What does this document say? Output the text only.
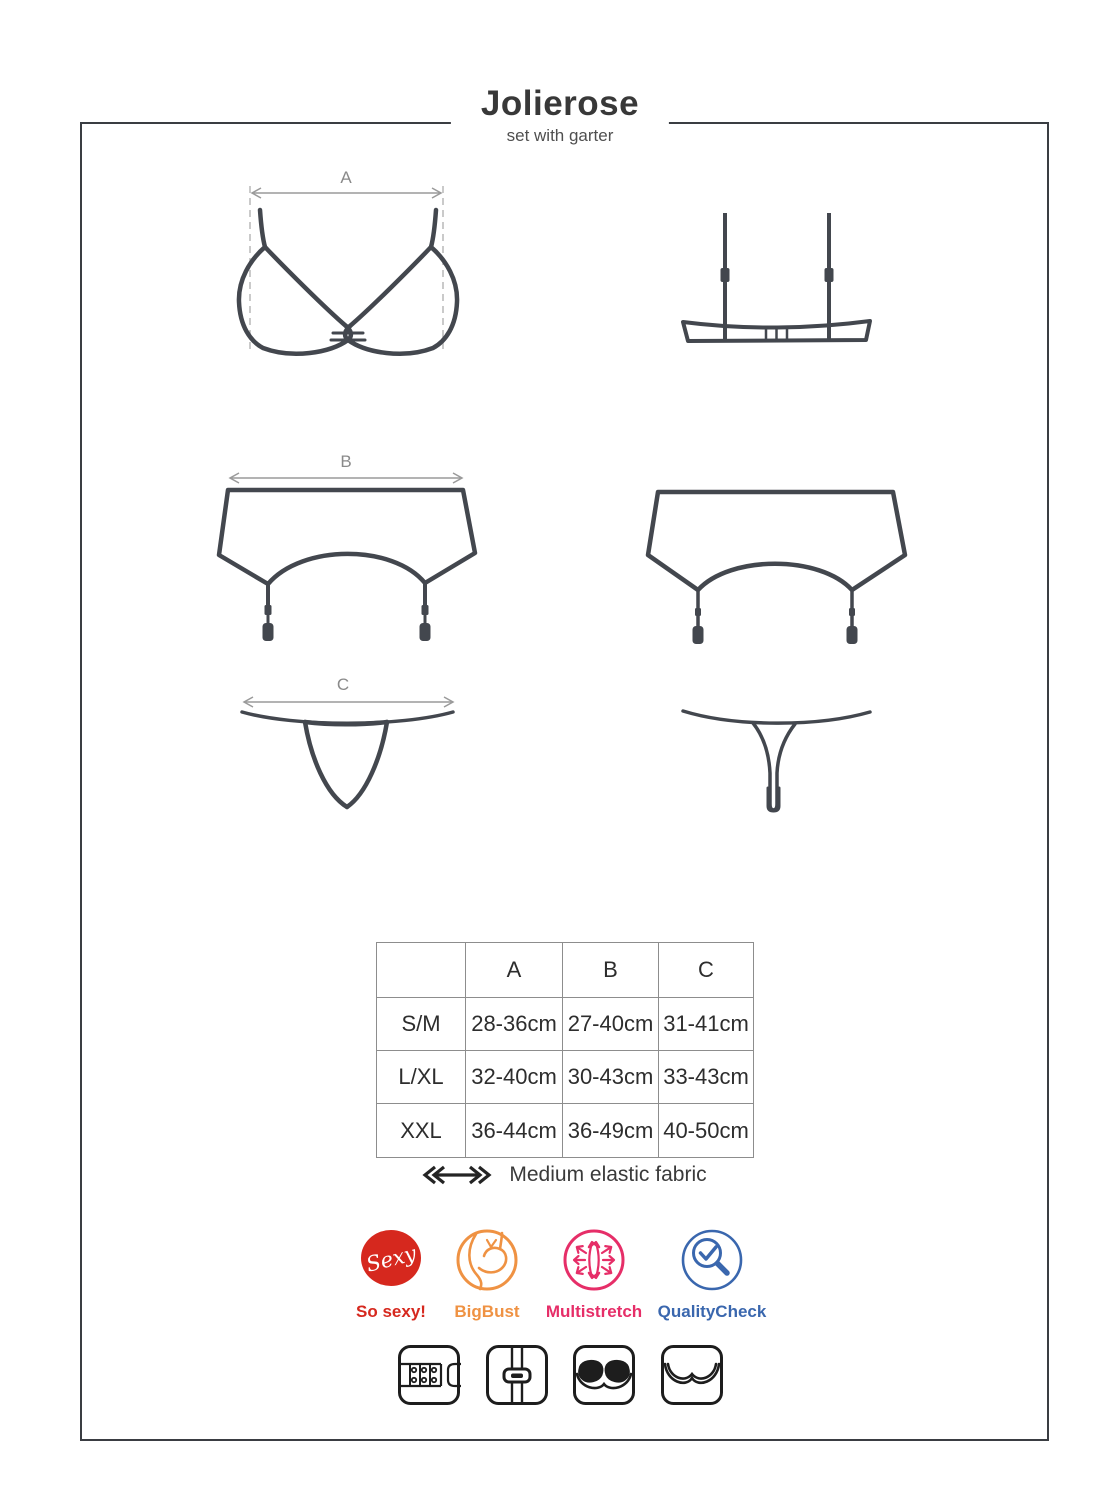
Jolierose
set with garter
A
B
C
	A	B	C
S/M	28-36cm	27-40cm	31-41cm
L/XL	32-40cm	30-43cm	33-43cm
XXL	36-44cm	36-49cm	40-50cm
Medium elastic fabric
Sexy
So sexy!	BigBust	Multistretch QualityCheck
